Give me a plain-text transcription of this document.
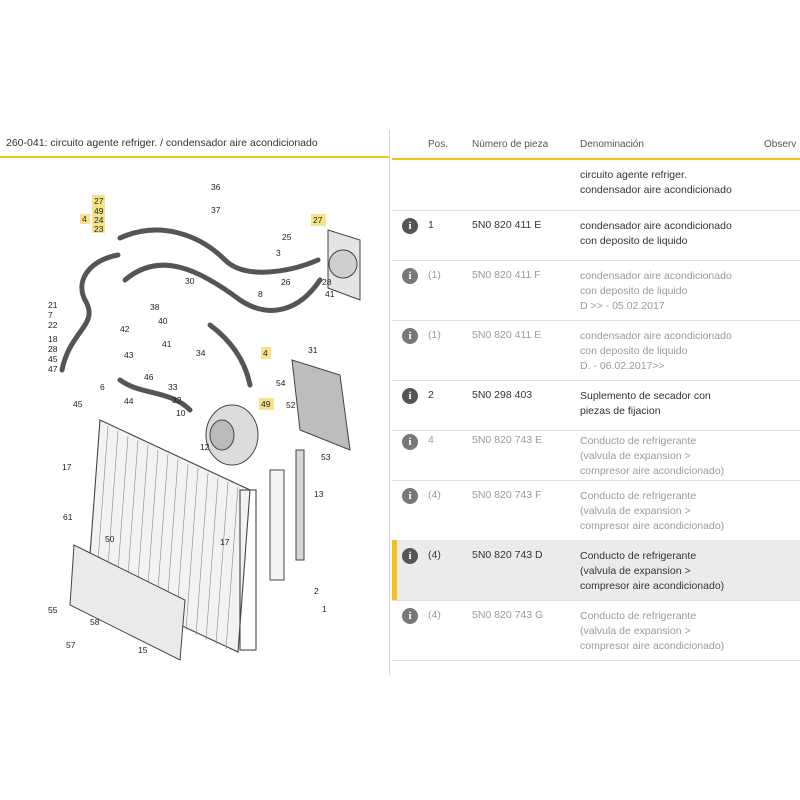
260-041: circuito agente refriger. / condensador aire acondicionado
36
37
27
49
24
23
4	27
25
3
26	28
41
38
30
8
21
7
22	40
41
34
18
28
45
47
4
42
43
46
33
32
10
49
6
45	44
31
54
52
53
12
17
13
61
50	17
2
1
55
58
57	15
Pos. Número de pieza	Denominación	Observ
circuito agente refriger.
condensador aire acondicionado
i	1	5N0 820 411 E	condensador aire acondicionado
con deposito de liquido
i	(1)	5N0 820 411 F	condensador aire acondicionado
con deposito de liquido
D >> - 05.02.2017
i	(1)	5N0 820 411 E	condensador aire acondicionado
con deposito de liquido
D. - 06.02.2017>>
i	2	5N0 298 403	Suplemento de secador con
piezas de fijacion
i	4	5N0 820 743 E	Conducto de refrigerante
(valvula de expansion >
compresor aire acondicionado)
i	(4)	5N0 820 743 F	Conducto de refrigerante
(valvula de expansion >
compresor aire acondicionado)
i	(4)	5N0 820 743 D	Conducto de refrigerante
(valvula de expansion >
compresor aire acondicionado)
i	(4)	5N0 820 743 G	Conducto de refrigerante
(valvula de expansion >
compresor aire acondicionado)
